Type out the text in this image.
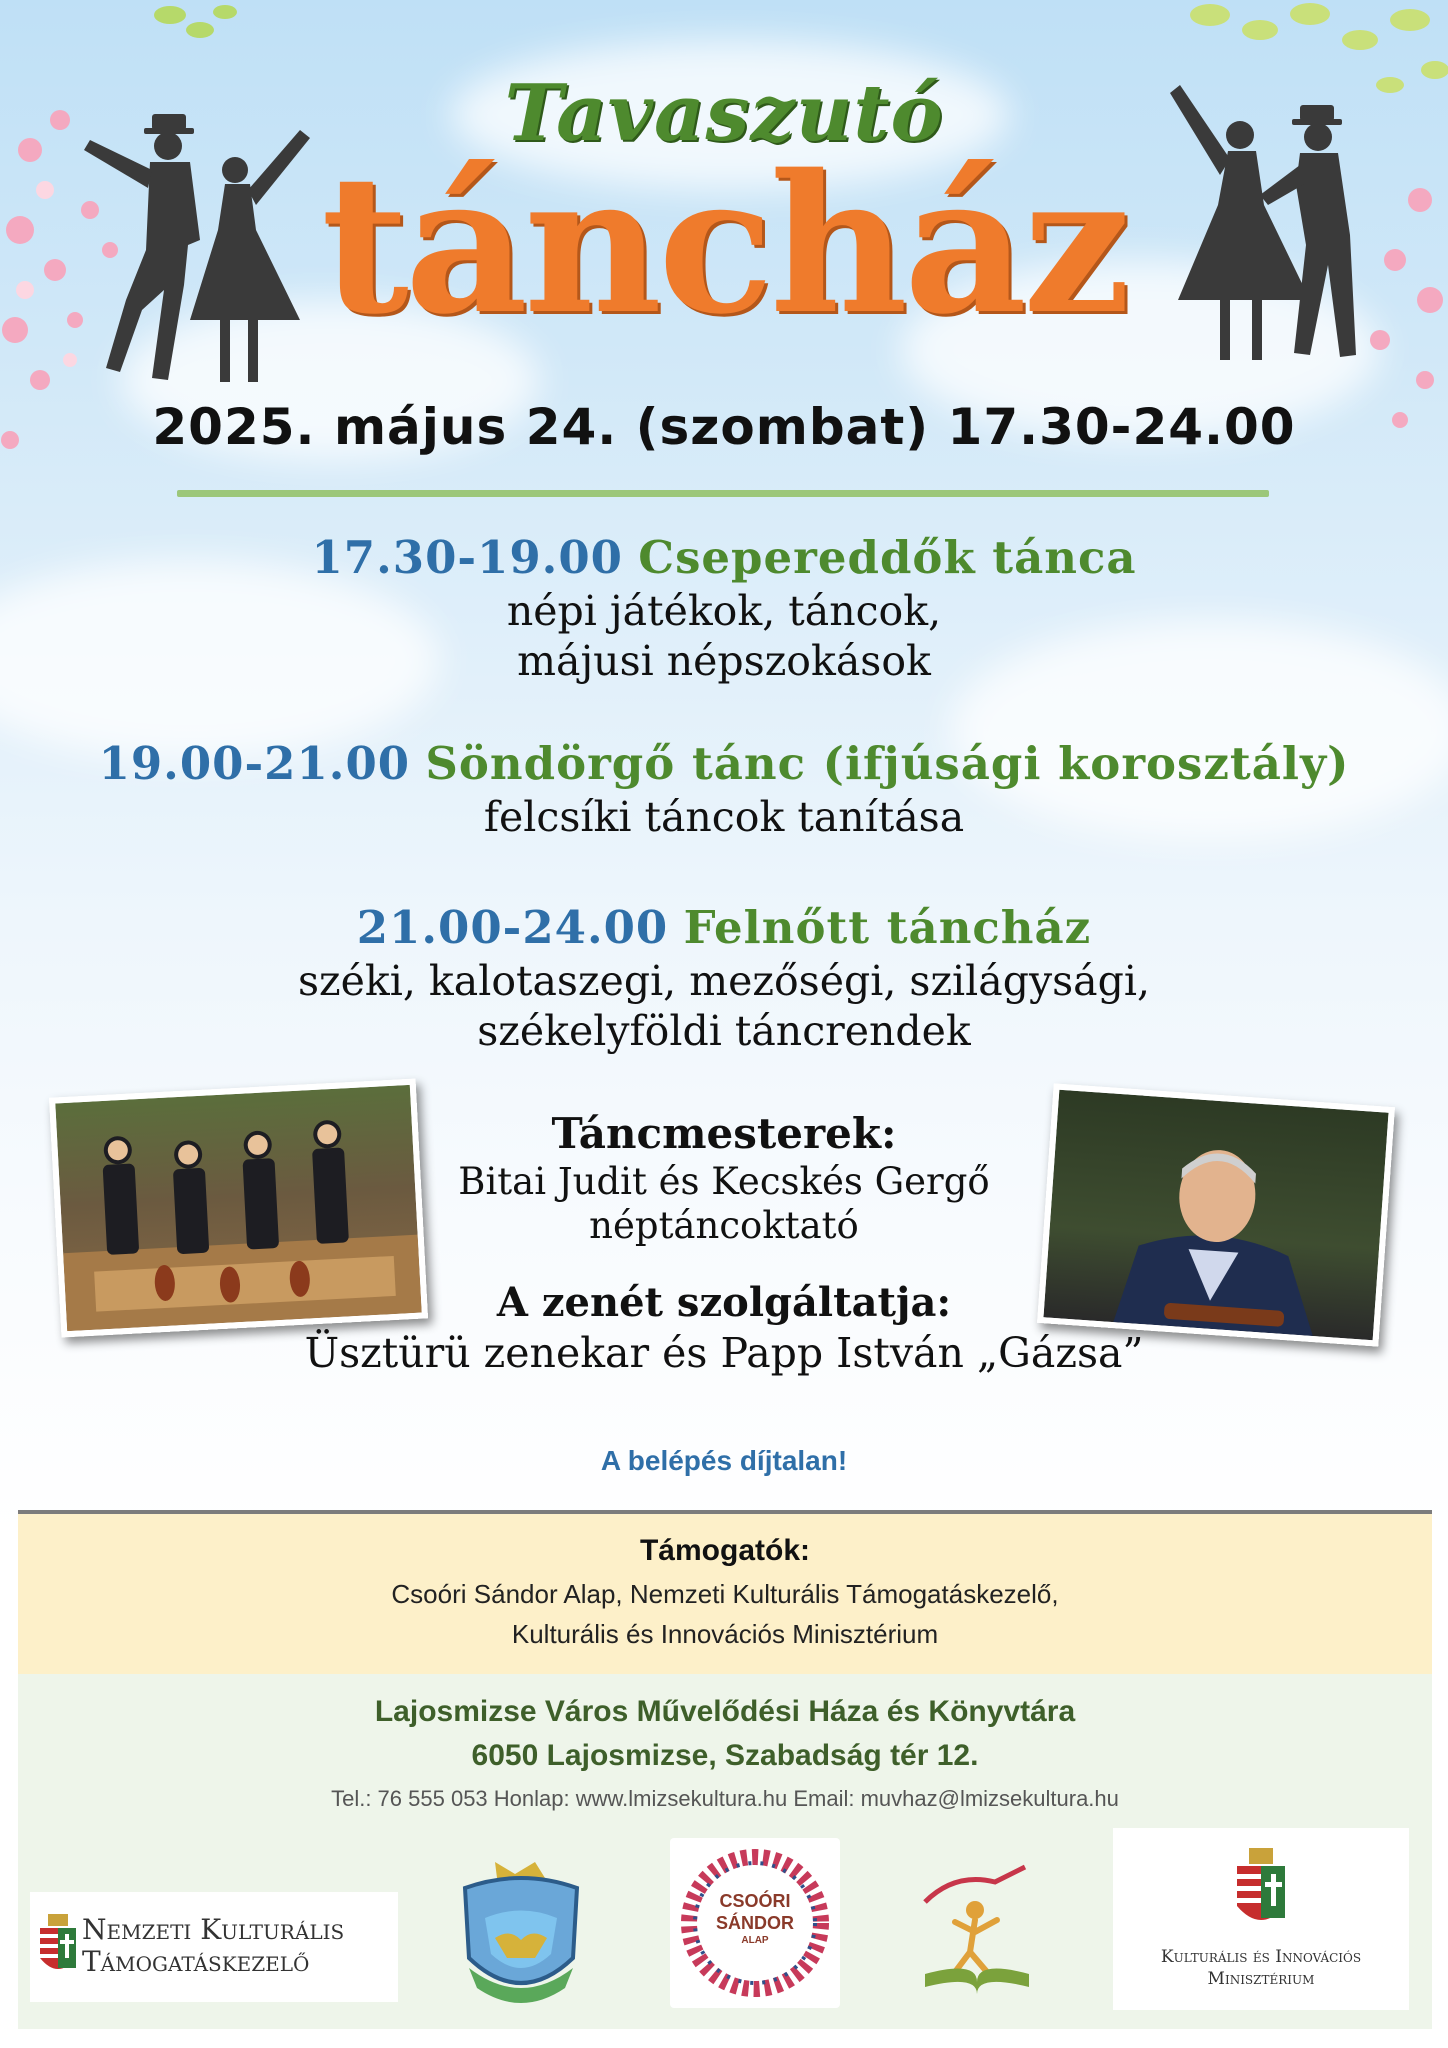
Tavaszutó
táncház
2025. május 24. (szombat) 17.30-24.00
17.30-19.00 Csepereddők tánca
népi játékok, táncok,
májusi népszokások
19.00-21.00 Söndörgő tánc (ifjúsági korosztály)
felcsíki táncok tanítása
21.00-24.00 Felnőtt táncház
széki, kalotaszegi, mezőségi, szilágysági,
székelyföldi táncrendek
Táncmesterek:
Bitai Judit és Kecskés Gergő
néptáncoktató
A zenét szolgáltatja:
Üsztürü zenekar és Papp István „Gázsa”
A belépés díjtalan!
Támogatók:
Csoóri Sándor Alap, Nemzeti Kulturális Támogatáskezelő,
Kulturális és Innovációs Minisztérium
Lajosmizse Város Művelődési Háza és Könyvtára
6050 Lajosmizse, Szabadság tér 12.
Tel.: 76 555 053 Honlap: www.lmizsekultura.hu Email: muvhaz@lmizsekultura.hu
Nemzeti Kulturális
Támogatáskezelő
CSOÓRI
SÁNDOR
ALAP
Kulturális és Innovációs
Minisztérium
